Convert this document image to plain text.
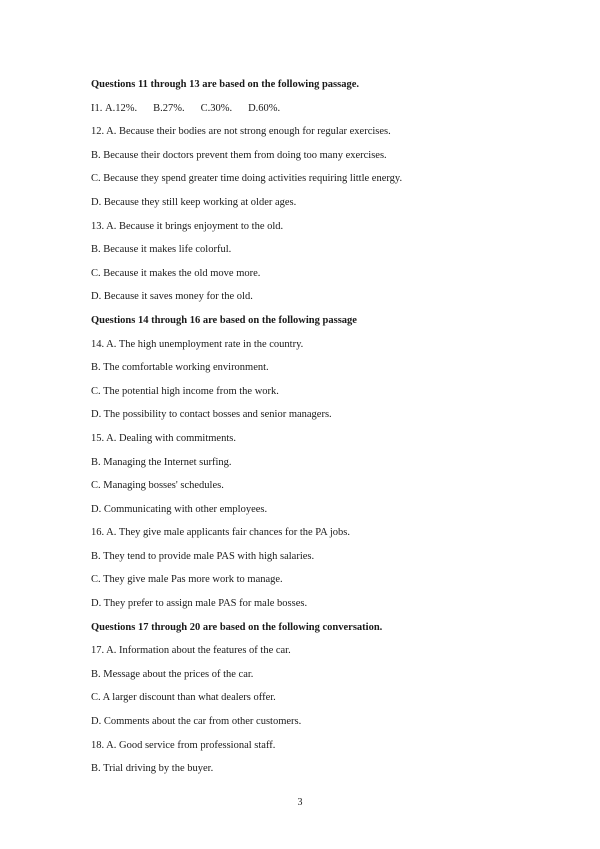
Questions 11 through 13 are based on the following passage.
I1. A.12%. B.27%. C.30%. D.60%.
12. A. Because their bodies are not strong enough for regular exercises.
B. Because their doctors prevent them from doing too many exercises.
C. Because they spend greater time doing activities requiring little energy.
D. Because they still keep working at older ages.
13. A. Because it brings enjoyment to the old.
B. Because it makes life colorful.
C. Because it makes the old move more.
D. Because it saves money for the old.
Questions 14 through 16 are based on the following passage
14. A. The high unemployment rate in the country.
B. The comfortable working environment.
C. The potential high income from the work.
D. The possibility to contact bosses and senior managers.
15. A. Dealing with commitments.
B. Managing the Internet surfing.
C. Managing bosses' schedules.
D. Communicating with other employees.
16. A. They give male applicants fair chances for the PA jobs.
B. They tend to provide male PAS with high salaries.
C. They give male Pas more work to manage.
D. They prefer to assign male PAS for male bosses.
Questions 17 through 20 are based on the following conversation.
17. A. Information about the features of the car.
B. Message about the prices of the car.
C. A larger discount than what dealers offer.
D. Comments about the car from other customers.
18. A. Good service from professional staff.
B. Trial driving by the buyer.
3
